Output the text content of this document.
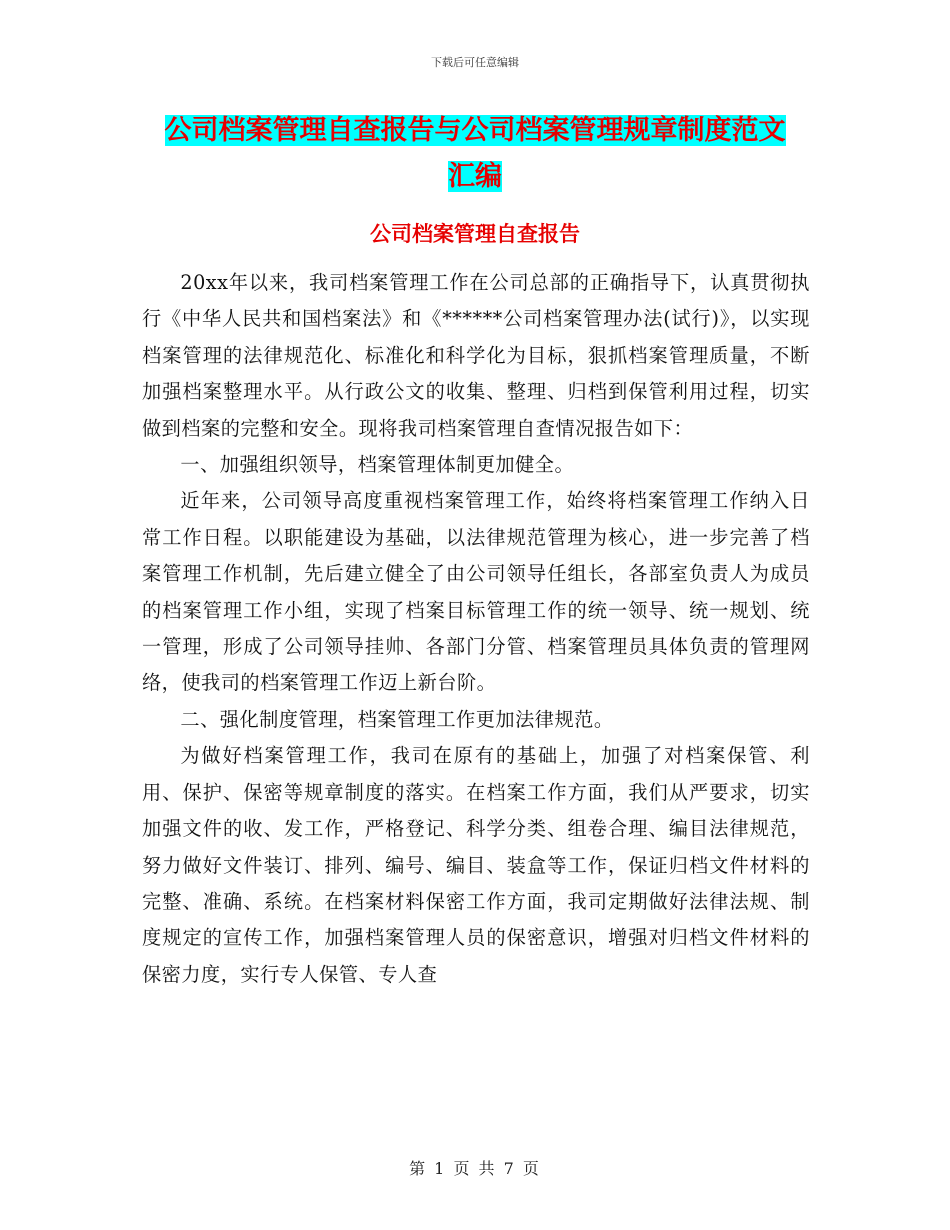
下载后可任意编辑
公司档案管理自查报告与公司档案管理规章制度范文
汇编
公司档案管理自查报告

20xx年以来，我司档案管理工作在公司总部的正确指导下，认真贯彻执行《中华人民共和国档案法》和《******公司档案管理办法(试行)》，以实现档案管理的法律规范化、标准化和科学化为目标，狠抓档案管理质量，不断加强档案整理水平。从行政公文的收集、整理、归档到保管利用过程，切实做到档案的完整和安全。现将我司档案管理自查情况报告如下：

一、加强组织领导，档案管理体制更加健全。

近年来，公司领导高度重视档案管理工作，始终将档案管理工作纳入日常工作日程。以职能建设为基础，以法律规范管理为核心，进一步完善了档案管理工作机制，先后建立健全了由公司领导任组长，各部室负责人为成员的档案管理工作小组，实现了档案目标管理工作的统一领导、统一规划、统一管理，形成了公司领导挂帅、各部门分管、档案管理员具体负责的管理网络，使我司的档案管理工作迈上新台阶。

二、强化制度管理，档案管理工作更加法律规范。

为做好档案管理工作，我司在原有的基础上，加强了对档案保管、利用、保护、保密等规章制度的落实。在档案工作方面，我们从严要求，切实加强文件的收、发工作，严格登记、科学分类、组卷合理、编目法律规范，努力做好文件装订、排列、编号、编目、装盒等工作，保证归档文件材料的完整、准确、系统。在档案材料保密工作方面，我司定期做好法律法规、制度规定的宣传工作，加强档案管理人员的保密意识，增强对归档文件材料的保密力度，实行专人保管、专人查

第 1 页 共 7 页
